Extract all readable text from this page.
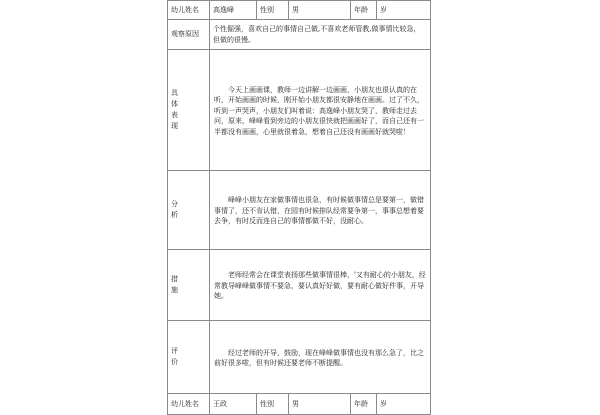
幼儿姓名	高逸峰	性别	男	年龄	岁
观察原因	个性倔强，喜欢自己的事情自己做,不喜欢老师管教,做事情比较急，但做的很慢。				

具
体
表
现	今天上画画课，教师一边讲解一边画画，小朋友也很认真的在听，开始画画的时候，刚开始小朋友都很安静地在画画。过了不久，听到一声哭声，小朋友们叫着说：高逸峰小朋友哭了，教师走过去问，原来，峰峰看到旁边的小朋友很快就把画画好了，而自己还有一半都没有画画，心里就很着急，想着自己还没有画画好就哭啦！				

分
析	峰峰小朋友在家做事情也很急，有时候做事情总是要第一，做错事情了，还不肯认错，在园有时候排队经常要争第一，事事总想着要去争，有时反而连自己的事情都做不好，没耐心。				

措
施	老师经常会在课堂表扬那些做事情很棒，'又有耐心的小朋友，经常教导峰峰做事情不要急，要认真好好做，要有耐心做好件事，开导她。				

评
价	经过老师的开导，鼓励，现在峰峰做事情也没有那么急了，比之前好很多啦，但有时候还要老师不断提醒。				
幼儿姓名	王政	性别	男	年龄	岁
